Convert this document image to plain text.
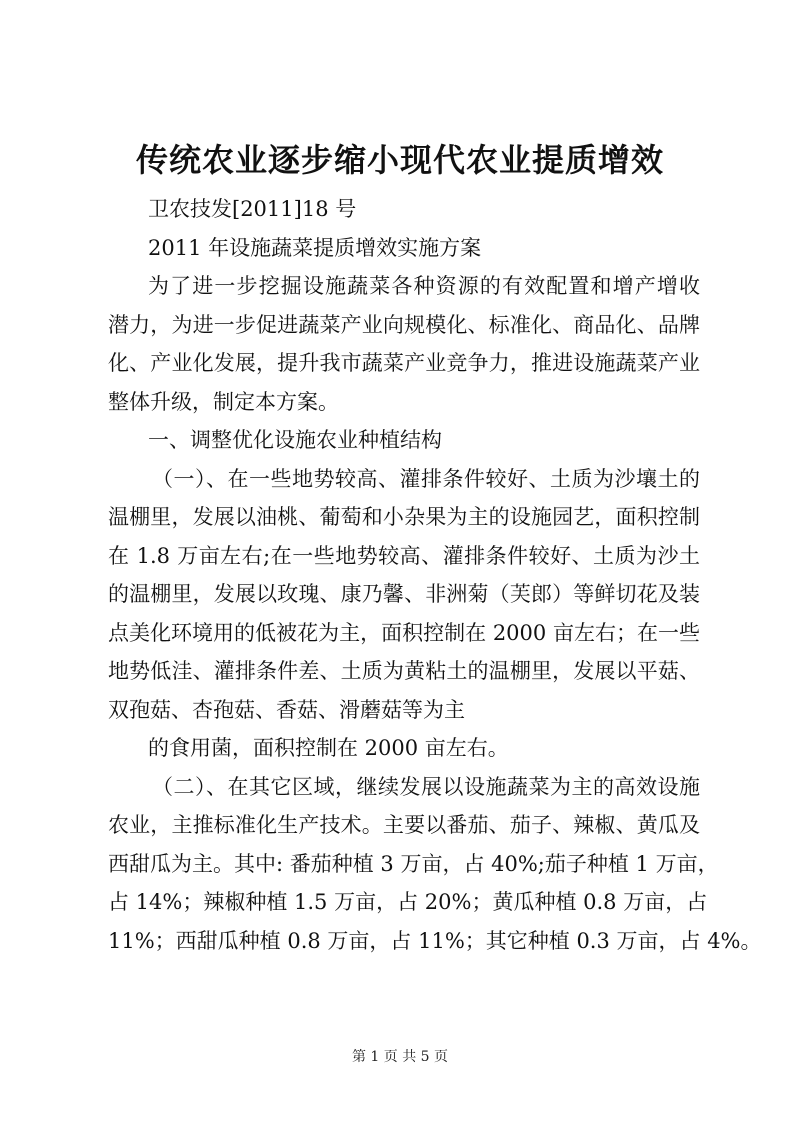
传统农业逐步缩小现代农业提质增效

卫农技发[2011]18 号

2011 年设施蔬菜提质增效实施方案

为了进一步挖掘设施蔬菜各种资源的有效配置和增产增收

潜力，为进一步促进蔬菜产业向规模化、标准化、商品化、品牌

化、产业化发展，提升我市蔬菜产业竞争力，推进设施蔬菜产业

整体升级，制定本方案。

一、调整优化设施农业种植结构

（一）、在一些地势较高、灌排条件较好、土质为沙壤土的

温棚里，发展以油桃、葡萄和小杂果为主的设施园艺，面积控制

在 1.8 万亩左右;在一些地势较高、灌排条件较好、土质为沙土

的温棚里，发展以玫瑰、康乃馨、非洲菊（芙郎）等鲜切花及装

点美化环境用的低被花为主，面积控制在 2000 亩左右；在一些

地势低洼、灌排条件差、土质为黄粘土的温棚里，发展以平菇、

双孢菇、杏孢菇、香菇、滑蘑菇等为主

的食用菌，面积控制在 2000 亩左右。

（二）、在其它区域，继续发展以设施蔬菜为主的高效设施

农业，主推标准化生产技术。主要以番茄、茄子、辣椒、黄瓜及

西甜瓜为主。其中: 番茄种植 3 万亩，占 40%;茄子种植 1 万亩，

占 14%；辣椒种植 1.5 万亩，占 20%；黄瓜种植 0.8 万亩，占

11%；西甜瓜种植 0.8 万亩，占 11%；其它种植 0.3 万亩，占 4%。

第 1 页 共 5 页
